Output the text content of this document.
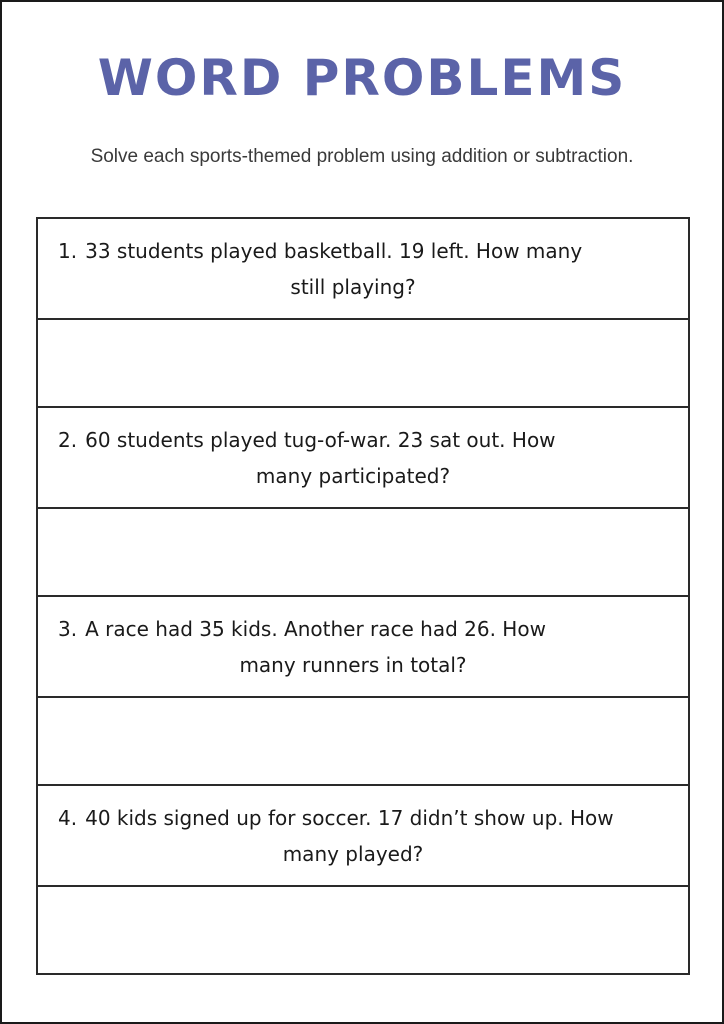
WORD PROBLEMS

Solve each sports-themed problem using addition or subtraction.

1. 33 students played basketball. 19 left. How many
still playing?
2. 60 students played tug-of-war. 23 sat out. How
many participated?
3. A race had 35 kids. Another race had 26. How
many runners in total?
4. 40 kids signed up for soccer. 17 didn’t show up. How
many played?
